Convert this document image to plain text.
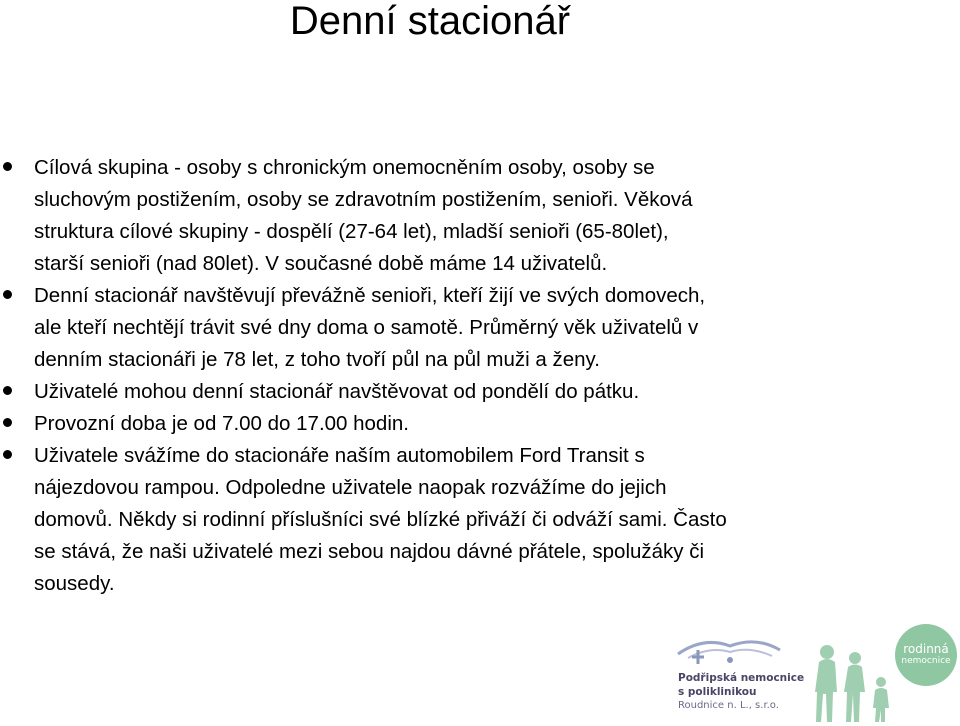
Denní stacionář
Cílová skupina - osoby s chronickým onemocněním osoby, osoby se
sluchovým postižením, osoby se zdravotním postižením, senioři. Věková
struktura cílové skupiny - dospělí (27-64 let), mladší senioři (65-80let),
starší senioři (nad 80let). V současné době máme 14 uživatelů.
Denní stacionář navštěvují převážně senioři, kteří žijí ve svých domovech,
ale kteří nechtějí trávit své dny doma o samotě. Průměrný věk uživatelů v
denním stacionáři je 78 let, z toho tvoří půl na půl muži a ženy.
Uživatelé mohou denní stacionář navštěvovat od pondělí do pátku.
Provozní doba je od 7.00 do 17.00 hodin.
Uživatele svážíme do stacionáře naším automobilem Ford Transit s
nájezdovou rampou. Odpoledne uživatele naopak rozvážíme do jejich
domovů. Někdy si rodinní příslušníci své blízké přiváží či odváží sami. Často
se stává, že naši uživatelé mezi sebou najdou dávné přátele, spolužáky či
sousedy.
Podřipská nemocnice
s poliklinikou
Roudnice n. L., s.r.o.
rodinná
nemocnice
